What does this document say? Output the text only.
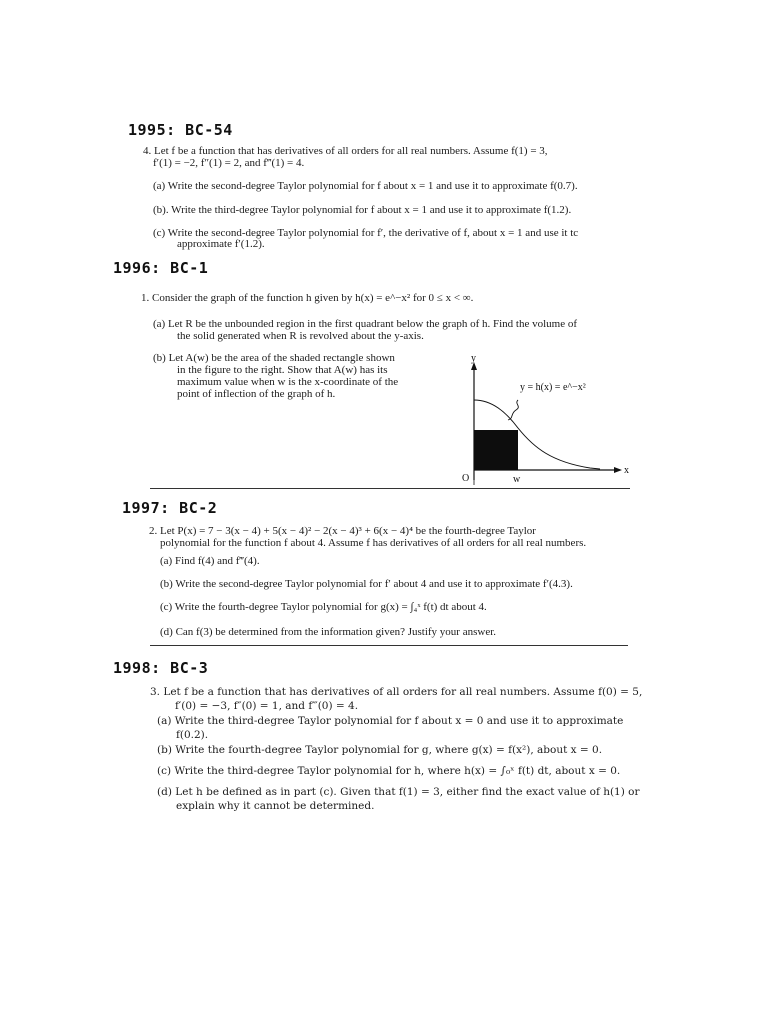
1995: BC-54
4. Let f be a function that has derivatives of all orders for all real numbers. Assume f(1) = 3,
f′(1) = −2, f″(1) = 2, and f‴(1) = 4.
(a) Write the second-degree Taylor polynomial for f about x = 1 and use it to approximate f(0.7).
(b). Write the third-degree Taylor polynomial for f about x = 1 and use it to approximate f(1.2).
(c) Write the second-degree Taylor polynomial for f′, the derivative of f, about x = 1 and use it tc
approximate f′(1.2).
1996: BC-1
1. Consider the graph of the function h given by h(x) = e^−x² for 0 ≤ x < ∞.
(a) Let R be the unbounded region in the first quadrant below the graph of h. Find the volume of
the solid generated when R is revolved about the y-axis.
(b) Let A(w) be the area of the shaded rectangle shown
in the figure to the right. Show that A(w) has its
maximum value when w is the x-coordinate of the
point of inflection of the graph of h.
y
x
y = h(x) = e^−x²
O	w
1997: BC-2
2. Let P(x) = 7 − 3(x − 4) + 5(x − 4)² − 2(x − 4)³ + 6(x − 4)⁴ be the fourth-degree Taylor
polynomial for the function f about 4. Assume f has derivatives of all orders for all real numbers.
(a) Find f(4) and f‴(4).
(b) Write the second-degree Taylor polynomial for f′ about 4 and use it to approximate f′(4.3).
(c) Write the fourth-degree Taylor polynomial for g(x) = ∫₄ˣ f(t) dt about 4.
(d) Can f(3) be determined from the information given? Justify your answer.
1998: BC-3
3. Let f be a function that has derivatives of all orders for all real numbers. Assume f(0) = 5,
f′(0) = −3, f″(0) = 1, and f‴(0) = 4.
(a) Write the third-degree Taylor polynomial for f about x = 0 and use it to approximate
f(0.2).
(b) Write the fourth-degree Taylor polynomial for g, where g(x) = f(x²), about x = 0.
(c) Write the third-degree Taylor polynomial for h, where h(x) = ∫₀ˣ f(t) dt, about x = 0.
(d) Let h be defined as in part (c). Given that f(1) = 3, either find the exact value of h(1) or
explain why it cannot be determined.
